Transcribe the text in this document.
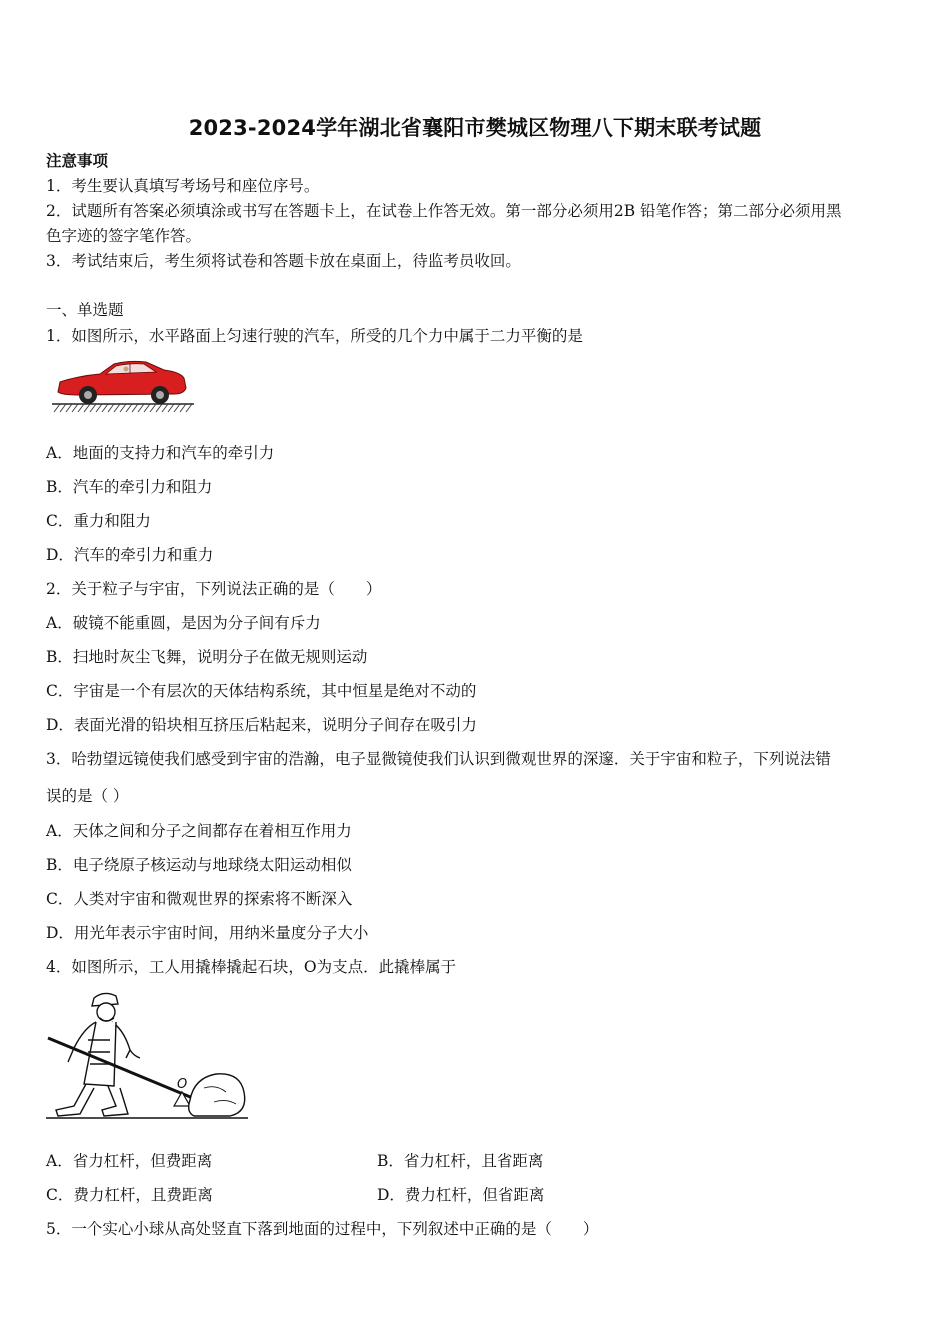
2023-2024学年湖北省襄阳市樊城区物理八下期末联考试题
注意事项
1．考生要认真填写考场号和座位序号。
2．试题所有答案必须填涂或书写在答题卡上，在试卷上作答无效。第一部分必须用2B 铅笔作答；第二部分必须用黑
色字迹的签字笔作答。
3．考试结束后，考生须将试卷和答题卡放在桌面上，待监考员收回。
一、单选题
1．如图所示，水平路面上匀速行驶的汽车，所受的几个力中属于二力平衡的是
A．地面的支持力和汽车的牵引力
B．汽车的牵引力和阻力
C．重力和阻力
D．汽车的牵引力和重力
2．关于粒子与宇宙，下列说法正确的是（　　）
A．破镜不能重圆，是因为分子间有斥力
B．扫地时灰尘飞舞，说明分子在做无规则运动
C．宇宙是一个有层次的天体结构系统，其中恒星是绝对不动的
D．表面光滑的铅块相互挤压后粘起来，说明分子间存在吸引力
3．哈勃望远镜使我们感受到宇宙的浩瀚，电子显微镜使我们认识到微观世界的深邃．关于宇宙和粒子，下列说法错
误的是（ ）
A．天体之间和分子之间都存在着相互作用力
B．电子绕原子核运动与地球绕太阳运动相似
C．人类对宇宙和微观世界的探索将不断深入
D．用光年表示宇宙时间，用纳米量度分子大小
4．如图所示，工人用撬棒撬起石块，O为支点．此撬棒属于
O
A．省力杠杆，但费距离	B．省力杠杆，且省距离
C．费力杠杆，且费距离	D．费力杠杆，但省距离
5．一个实心小球从高处竖直下落到地面的过程中，下列叙述中正确的是（　　）
